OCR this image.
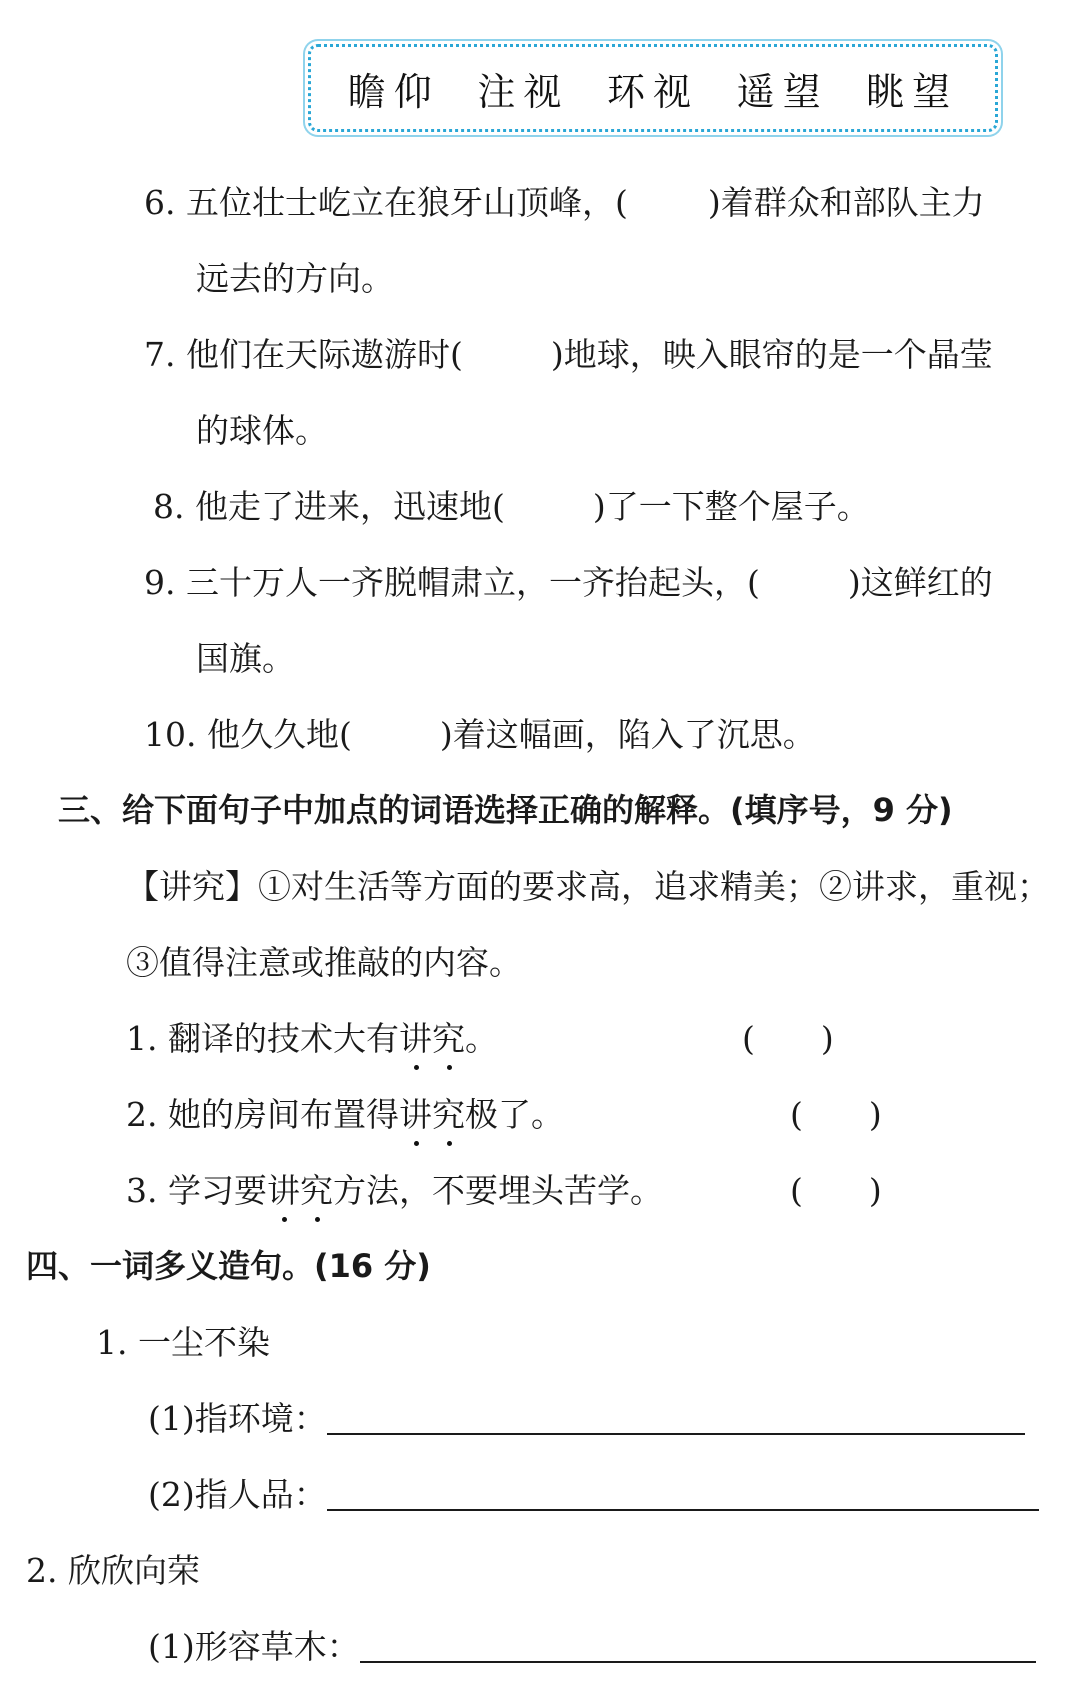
瞻仰 注视 环视 遥望 眺望
6. 五位壮士屹立在狼牙山顶峰，( )着群众和部队主力
远去的方向。
7. 他们在天际遨游时(	)地球，映入眼帘的是一个晶莹
的球体。
8. 他走了进来，迅速地(	)了一下整个屋子。
9. 三十万人一齐脱帽肃立，一齐抬起头，(	)这鲜红的
国旗。
10. 他久久地(	)着这幅画，陷入了沉思。
三、给下面句子中加点的词语选择正确的解释。(填序号，9 分)
【讲究】①对生活等方面的要求高，追求精美；②讲求，重视；
③值得注意或推敲的内容。
1. 翻译的技术大有讲究。	(　　)
2. 她的房间布置得讲究极了。	(　　)
3. 学习要讲究方法，不要埋头苦学。	(　　)
四、一词多义造句。(16 分)
1. 一尘不染
(1)指环境：
(2)指人品：
2. 欣欣向荣
(1)形容草木：
